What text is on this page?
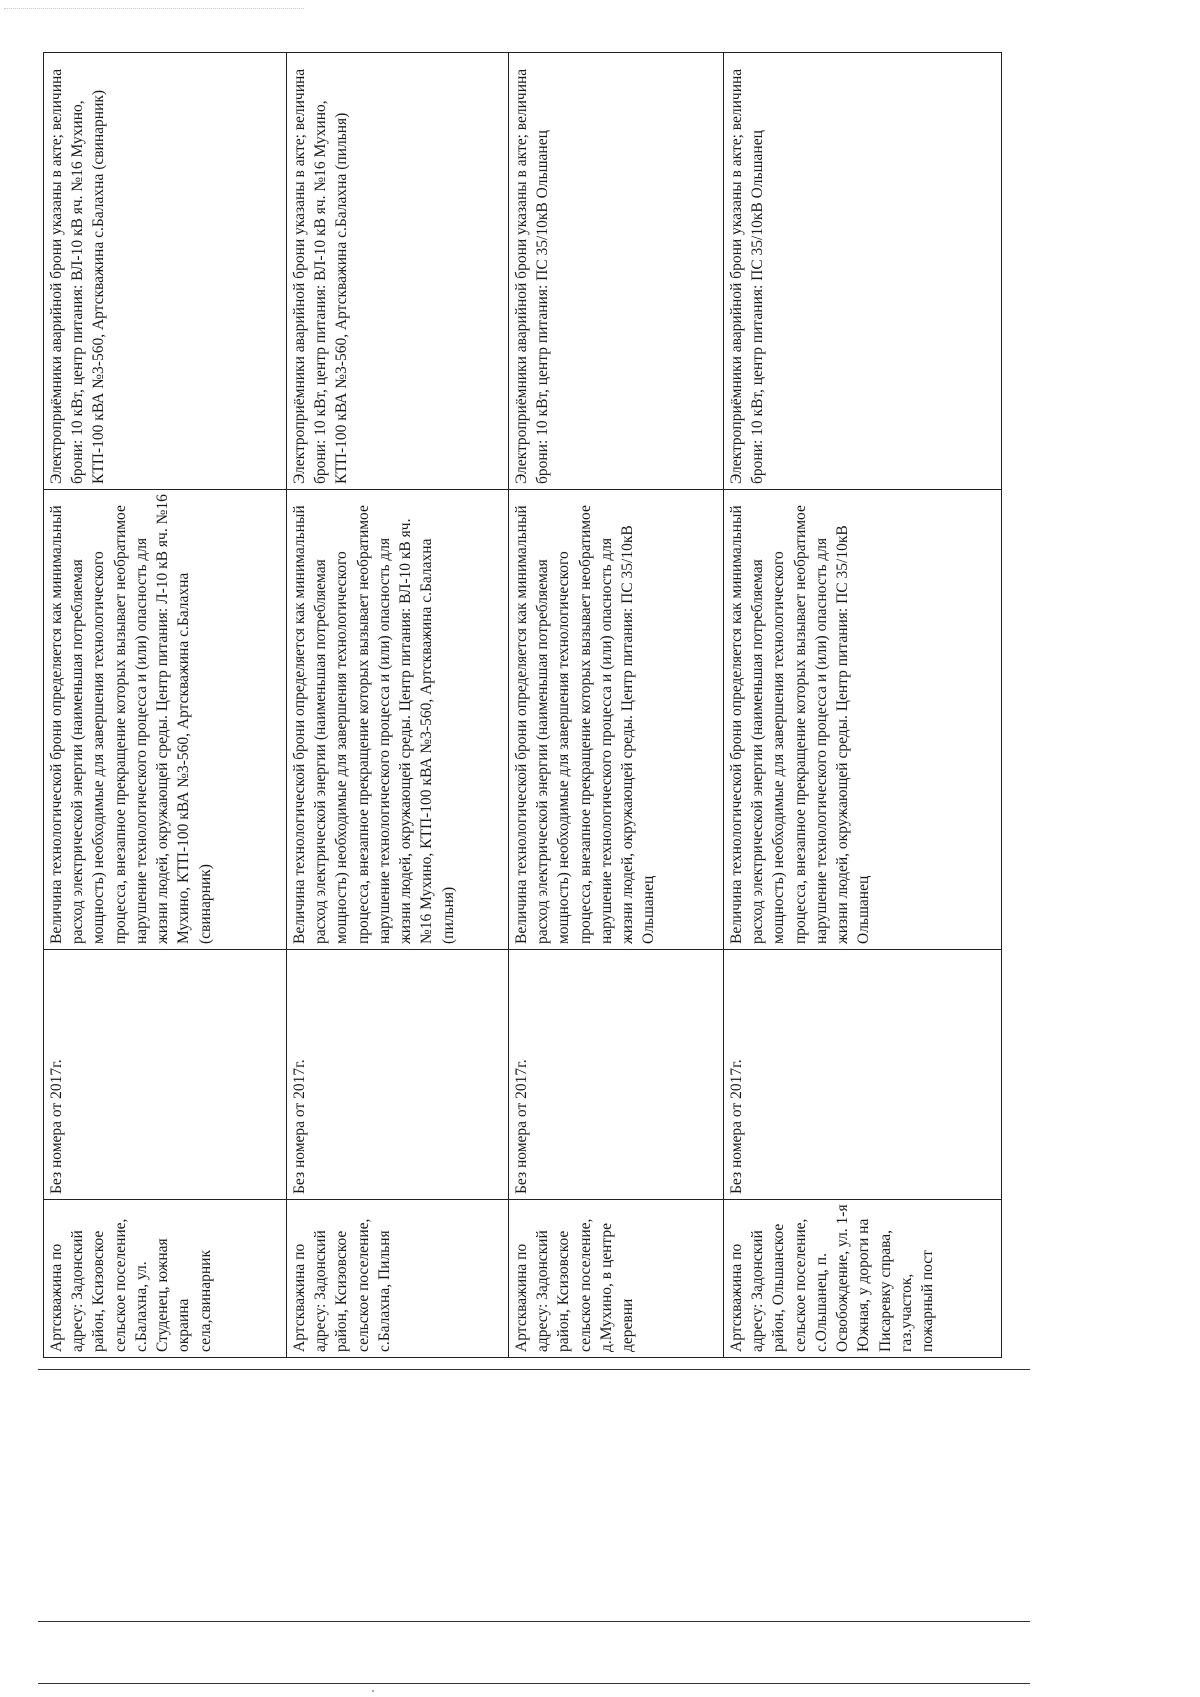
Артскважина по адресу: Задонский район, Ксизовское сельское поселение, с.Балахна, ул. Студенец, южная окраина села,свинарник	Без номера от 2017г.	Величина технологической брони определяется как минимальный расход электрической энергии (наименьшая потребляемая мощность) необходимые для завершения технологического процесса, внезапное прекращение которых вызывает необратимое нарушение технологического процесса и (или) опасность для жизни людей, окружающей среды. Центр питания: Л-10 кВ яч. №16 Мухино, КТП-100 кВА №3-560, Артскважина с.Балахна (свинарник)	Электроприёмники аварийной брони указаны в акте; величина брони: 10 кВт, центр питания: ВЛ-10 кВ яч. №16 Мухино, КТП-100 кВА №3-560, Артскважина с.Балахна (свинарник)

Артскважина по адресу: Задонский район, Ксизовское сельское поселение, с.Балахна, Пильня	Без номера от 2017г.	Величина технологической брони определяется как минимальный расход электрической энергии (наименьшая потребляемая мощность) необходимые для завершения технологического процесса, внезапное прекращение которых вызывает необратимое нарушение технологического процесса и (или) опасность для жизни людей, окружающей среды. Центр питания: ВЛ-10 кВ яч. №16 Мухино, КТП-100 кВА №3-560, Артскважина с.Балахна (пильня)	Электроприёмники аварийной брони указаны в акте; величина брони: 10 кВт, центр питания: ВЛ-10 кВ яч. №16 Мухино, КТП-100 кВА №3-560, Артскважина с.Балахна (пильня)

Артскважина по адресу: Задонский район, Ксизовское сельское поселение, д.Мухино, в центре деревни	Без номера от 2017г.	Величина технологической брони определяется как минимальный расход электрической энергии (наименьшая потребляемая мощность) необходимые для завершения технологического процесса, внезапное прекращение которых вызывает необратимое нарушение технологического процесса и (или) опасность для жизни людей, окружающей среды. Центр питания: ПС 35/10кВ Ольшанец	Электроприёмники аварийной брони указаны в акте; величина брони: 10 кВт, центр питания: ПС 35/10кВ Ольшанец

Артскважина по адресу: Задонский район, Ольшанское сельское поселение, с.Ольшанец, п. Освобождение, ул. 1-я Южная, у дороги на Писаревку справа, газ.участок, пожарный пост	Без номера от 2017г.	Величина технологической брони определяется как минимальный расход электрической энергии (наименьшая потребляемая мощность) необходимые для завершения технологического процесса, внезапное прекращение которых вызывает необратимое нарушение технологического процесса и (или) опасность для жизни людей, окружающей среды. Центр питания: ПС 35/10кВ Ольшанец	Электроприёмники аварийной брони указаны в акте; величина брони: 10 кВт, центр питания: ПС 35/10кВ Ольшанец
